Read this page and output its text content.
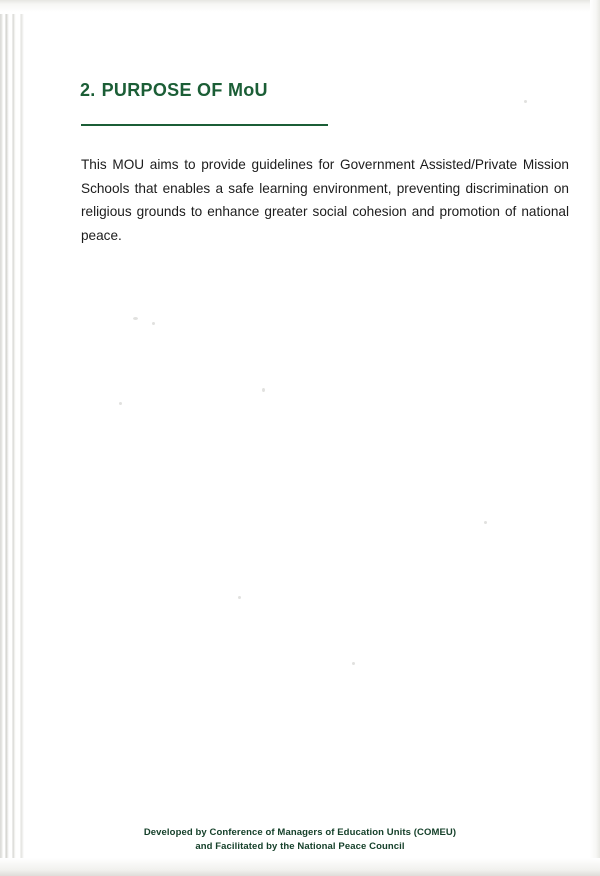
2. PURPOSE OF MoU
This MOU aims to provide guidelines for Government Assisted/Private Mission Schools that enables a safe learning environment, preventing discrimination on religious grounds to enhance greater social cohesion and promotion of national peace.
Developed by Conference of Managers of Education Units (COMEU)
and Facilitated by the National Peace Council
